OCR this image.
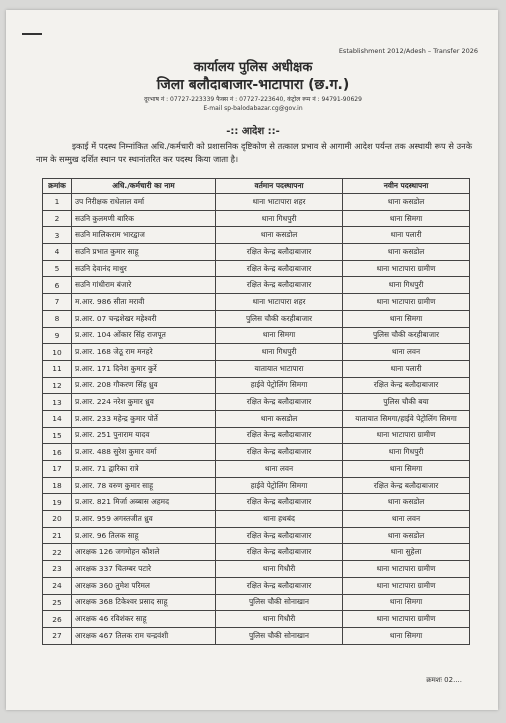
Establishment 2012/Adesh – Transfer 2026
कार्यालय पुलिस अधीक्षक
जिला बलौदाबाजार-भाटापारा (छ.ग.)
दूरभाष नं : 07727-223339 फैक्स नं : 07727-223640, कंट्रोल रूम नं : 94791-90629
E-mail sp-balodabazar.cg@gov.in
-:: आदेश ::-
इकाई में पदस्थ निम्नांकित अधि./कर्मचारी को प्रशासनिक दृष्टिकोण से तत्काल प्रभाव से आगामी आदेश पर्यन्त तक अस्थायी रूप से उनके नाम के सम्मुख दर्शित स्थान पर स्थानांतरित कर पदस्थ किया जाता है।
क्रमांक	अधि./कर्मचारी का नाम	वर्तमान पदस्थापना	नवीन पदस्थापना
1	उप निरीक्षक राधेलाल वर्मा	थाना भाटापारा शहर	थाना कसडोल
2	सउनि कुलमणी बारिक	थाना गिधपुरी	थाना सिमगा
3	सउनि मालिकराम भारद्वाज	थाना कसडोल	थाना पलारी
4	सउनि प्रभात कुमार साहू	रक्षित केन्द्र बलौदाबाजार	थाना कसडोल
5	सउनि देवानंद माथुर	रक्षित केन्द्र बलौदाबाजार	थाना भाटापारा ग्रामीण
6	सउनि गांधीराम बंजारे	रक्षित केन्द्र बलौदाबाजार	थाना गिधपुरी
7	म.आर. 986 सीता मरावी	थाना भाटापारा शहर	थाना भाटापारा ग्रामीण
8	प्र.आर. 07 चन्द्रशेखर महेश्वरी	पुलिस चौकी करहीबाजार	थाना सिमगा
9	प्र.आर. 104 ओंकार सिंह राजपूत	थाना सिमगा	पुलिस चौकी करहीबाजार
10	प्र.आर. 168 जेठू राम मनहरे	थाना गिधपुरी	थाना लवन
11	प्र.आर. 171 दिनेश कुमार कुर्रे	यातायात भाटापारा	थाना पलारी
12	प्र.आर. 208 गौकरण सिंह ध्रुव	हाईवे पेट्रोलिंग सिमगा	रक्षित केन्द्र बलौदाबाजार
13	प्र.आर. 224 नरेश कुमार ध्रुव	रक्षित केन्द्र बलौदाबाजार	पुलिस चौकी बया
14	प्र.आर. 233 महेन्द्र कुमार पोर्ते	थाना कसडोल	यातायात सिमगा/हाईवे पेट्रोलिंग सिमगा
15	प्र.आर. 251 पुनाराम यादव	रक्षित केन्द्र बलौदाबाजार	थाना भाटापारा ग्रामीण
16	प्र.आर. 488 सुरेश कुमार वर्मा	रक्षित केन्द्र बलौदाबाजार	थाना गिधपुरी
17	प्र.आर. 71 द्वारिका रात्रे	थाना लवन	थाना सिमगा
18	प्र.आर. 78 वरुण कुमार साहू	हाईवे पेट्रोलिंग सिमगा	रक्षित केन्द्र बलौदाबाजार
19	प्र.आर. 821 मिर्जा अब्बास अहमद	रक्षित केन्द्र बलौदाबाजार	थाना कसडोल
20	प्र.आर. 959 अगस्तजीत ध्रुव	थाना हथबंद	थाना लवन
21	प्र.आर. 96 तिलक साहू	रक्षित केन्द्र बलौदाबाजार	थाना कसडोल
22	आरक्षक 126 जगमोहन कौशले	रक्षित केन्द्र बलौदाबाजार	थाना सुहेला
23	आरक्षक 337 चितम्बर पटारे	थाना गिधौरी	थाना भाटापारा ग्रामीण
24	आरक्षक 360 तुमेश परिमल	रक्षित केन्द्र बलौदाबाजार	थाना भाटापारा ग्रामीण
25	आरक्षक 368 टिकेश्वर प्रसाद साहू	पुलिस चौकी सोनाखान	थाना सिमगा
26	आरक्षक 46 रविशंकर साहू	थाना गिधौरी	थाना भाटापारा ग्रामीण
27	आरक्षक 467 तिलक राम चन्द्रवंशी	पुलिस चौकी सोनाखान	थाना सिमगा
क्रमशः 02....
